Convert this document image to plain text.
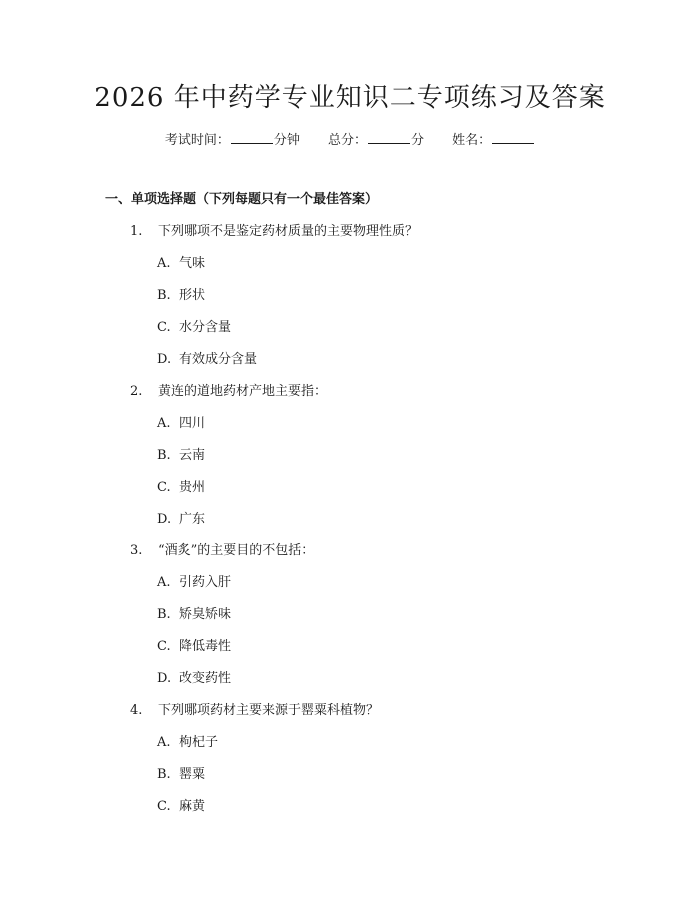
2026 年中药学专业知识二专项练习及答案
考试时间：	分钟 总分：	分 姓名：
一、单项选择题（下列每题只有一个最佳答案）
1. 下列哪项不是鉴定药材质量的主要物理性质？
A. 气味
B. 形状
C. 水分含量
D. 有效成分含量
2. 黄连的道地药材产地主要指：
A. 四川
B. 云南
C. 贵州
D. 广东
3. “酒炙”的主要目的不包括：
A. 引药入肝
B. 矫臭矫味
C. 降低毒性
D. 改变药性
4. 下列哪项药材主要来源于罂粟科植物？
A. 枸杞子
B. 罂粟
C. 麻黄
